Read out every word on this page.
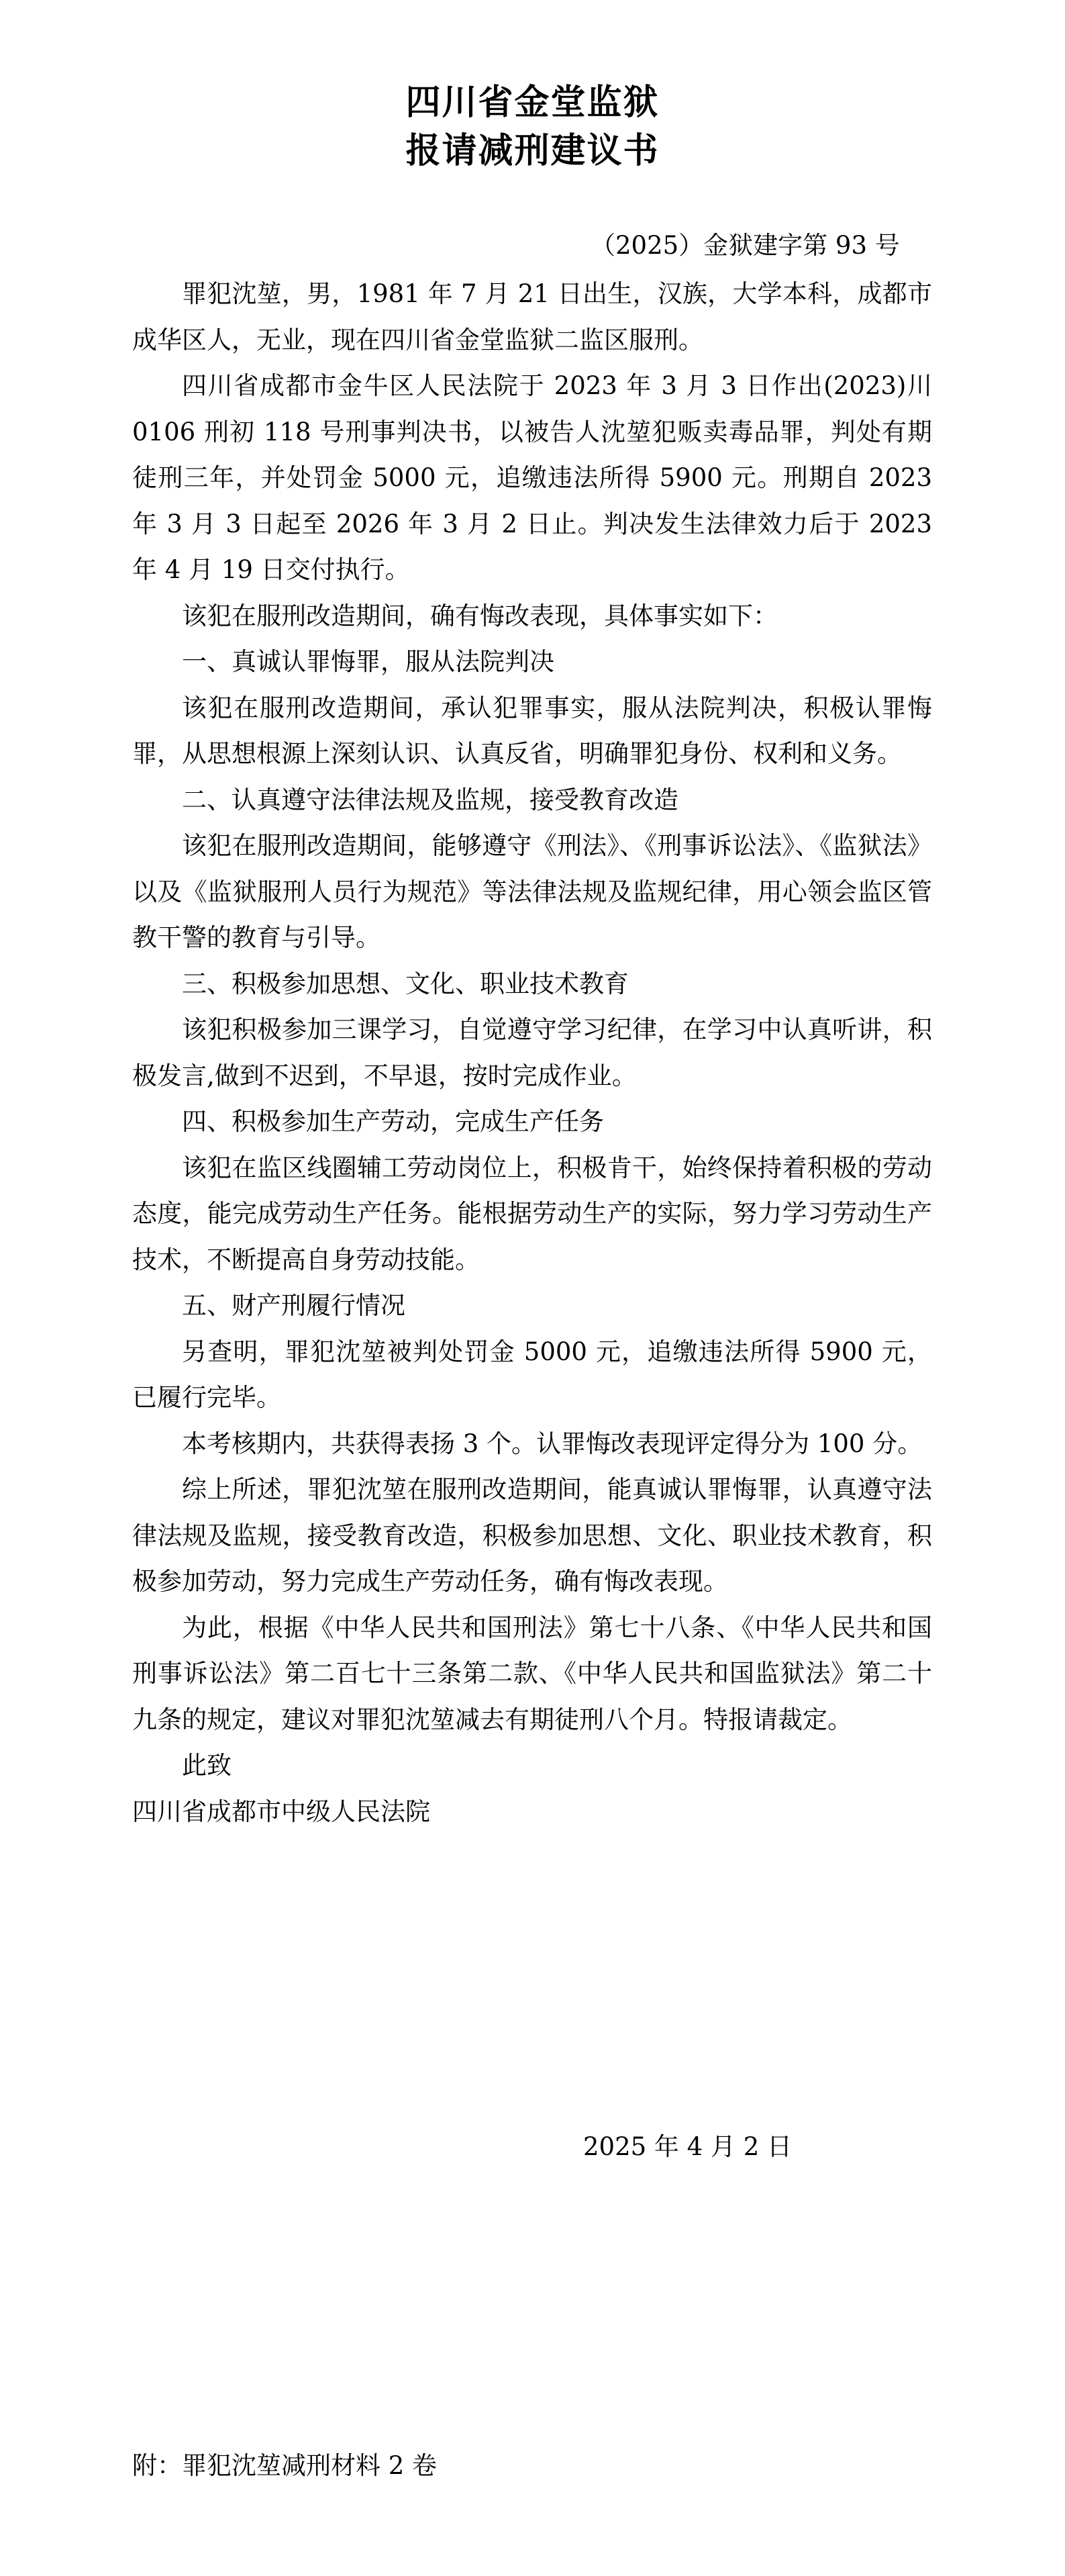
四川省金堂监狱
报请减刑建议书
（2025）金狱建字第 93 号

罪犯沈堃，男，1981 年 7 月 21 日出生，汉族，大学本科，成都市成华区人，无业，现在四川省金堂监狱二监区服刑。

四川省成都市金牛区人民法院于 2023 年 3 月 3 日作出(2023)川 0106 刑初 118 号刑事判决书，以被告人沈堃犯贩卖毒品罪，判处有期徒刑三年，并处罚金 5000 元，追缴违法所得 5900 元。刑期自 2023 年 3 月 3 日起至 2026 年 3 月 2 日止。判决发生法律效力后于 2023 年 4 月 19 日交付执行。

该犯在服刑改造期间，确有悔改表现，具体事实如下：

一、真诚认罪悔罪，服从法院判决

该犯在服刑改造期间，承认犯罪事实，服从法院判决，积极认罪悔罪，从思想根源上深刻认识、认真反省，明确罪犯身份、权利和义务。

二、认真遵守法律法规及监规，接受教育改造

该犯在服刑改造期间，能够遵守《刑法》、《刑事诉讼法》、《监狱法》以及《监狱服刑人员行为规范》等法律法规及监规纪律，用心领会监区管教干警的教育与引导。

三、积极参加思想、文化、职业技术教育

该犯积极参加三课学习，自觉遵守学习纪律，在学习中认真听讲，积极发言,做到不迟到，不早退，按时完成作业。

四、积极参加生产劳动，完成生产任务

该犯在监区线圈辅工劳动岗位上，积极肯干，始终保持着积极的劳动态度，能完成劳动生产任务。能根据劳动生产的实际，努力学习劳动生产技术，不断提高自身劳动技能。

五、财产刑履行情况

另查明，罪犯沈堃被判处罚金 5000 元，追缴违法所得 5900 元，已履行完毕。

本考核期内，共获得表扬 3 个。认罪悔改表现评定得分为 100 分。

综上所述，罪犯沈堃在服刑改造期间，能真诚认罪悔罪，认真遵守法律法规及监规，接受教育改造，积极参加思想、文化、职业技术教育，积极参加劳动，努力完成生产劳动任务，确有悔改表现。

为此，根据《中华人民共和国刑法》第七十八条、《中华人民共和国刑事诉讼法》第二百七十三条第二款、《中华人民共和国监狱法》第二十九条的规定，建议对罪犯沈堃减去有期徒刑八个月。特报请裁定。

此致

四川省成都市中级人民法院

2025 年 4 月 2 日
附：罪犯沈堃减刑材料 2 卷
